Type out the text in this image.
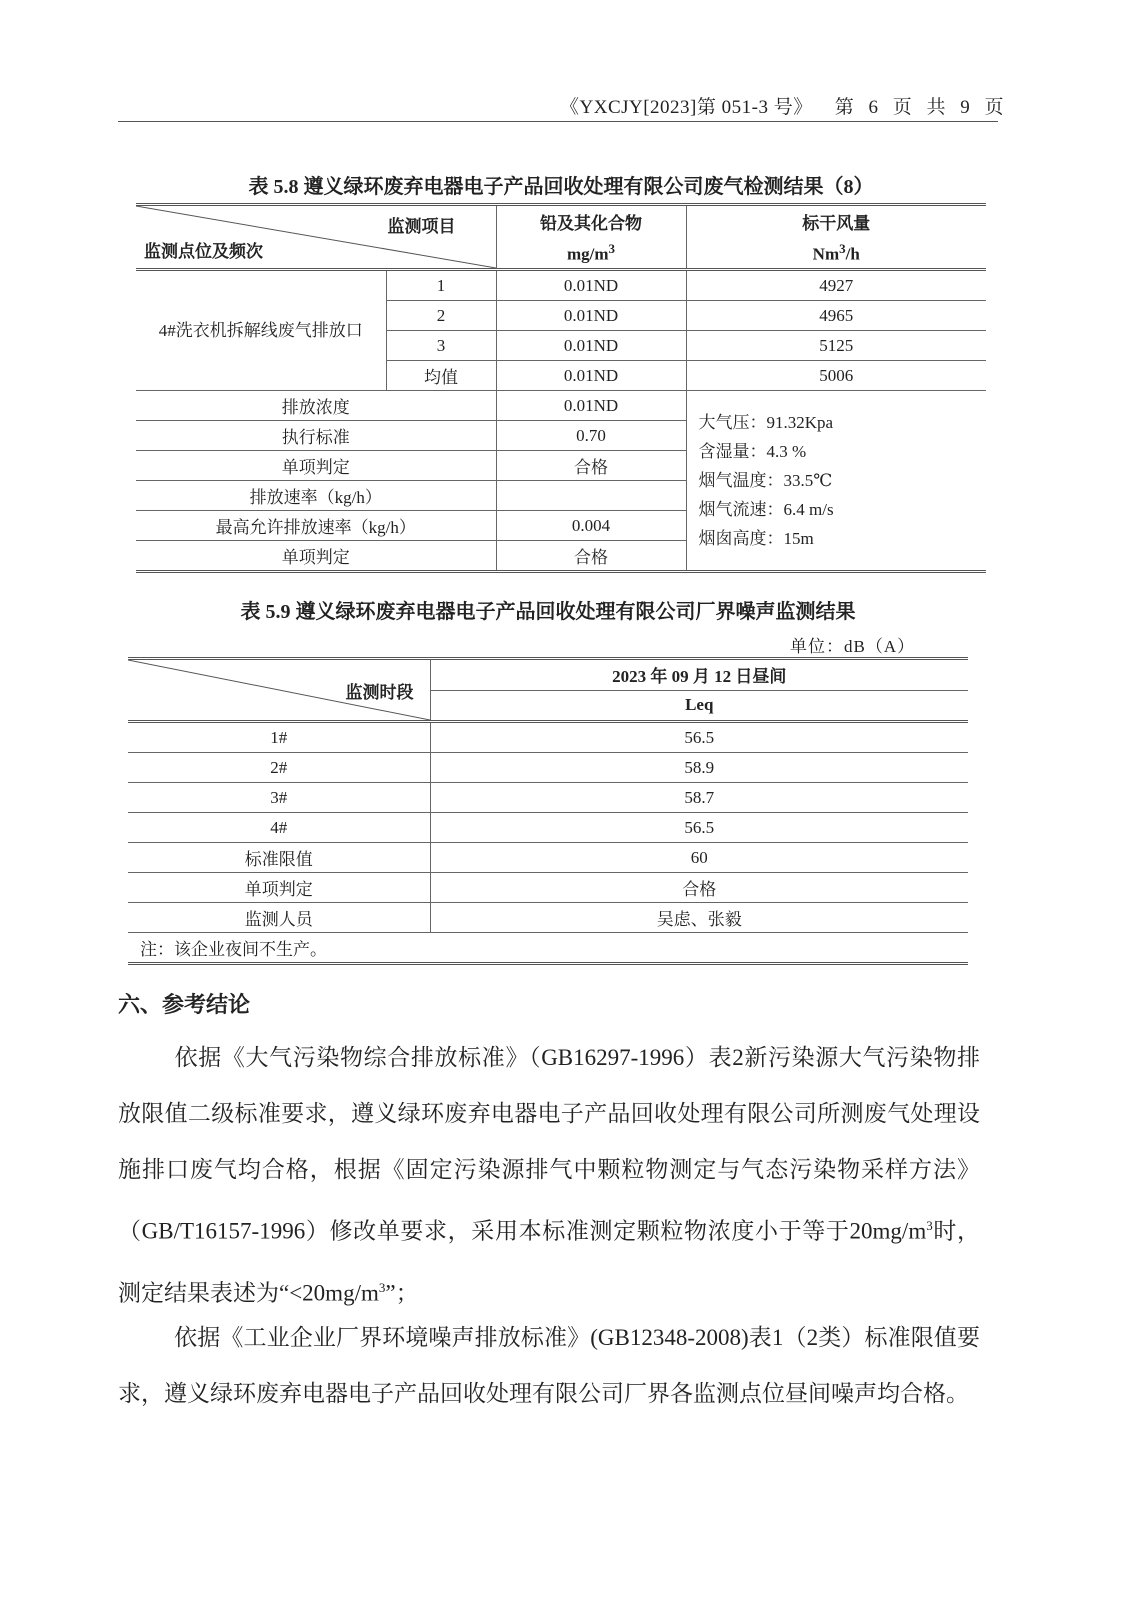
《YXCJY[2023]第 051-3 号》 第 6 页 共 9 页
表 5.8 遵义绿环废弃电器电子产品回收处理有限公司废气检测结果（8）
监测项目
监测点位及频次		铅及其化合物	标干风量
		$mg/m^3$	Nm$^3$/h
4#洗衣机拆解线废气排放口	1	0.01ND	4927
	2	0.01ND	4965
	3	0.01ND	5125
	均值	0.01ND	5006
排放浓度		0.01ND	大气压：91.32Kpa
含湿量：4.3 %
烟气温度：33.5℃
烟气流速：6.4 m/s
烟囱高度：15m

执行标准		0.70	
单项判定		合格	
排放速率（kg/h）			
最高允许排放速率（kg/h）		0.004	
单项判定		合格	
表 5.9 遵义绿环废弃电器电子产品回收处理有限公司厂界噪声监测结果
单位：dB（A）
监测时段	2023 年 09 月 12 日昼间
	Leq
1#	56.5
2#	58.9
3#	58.7
4#	56.5
标准限值	60
单项判定	合格
监测人员	吴虑、张毅
注：该企业夜间不生产。	
六、参考结论
依据《大气污染物综合排放标准》（GB16297-1996）表2新污染源大气污染物排放限值二级标准要求，遵义绿环废弃电器电子产品回收处理有限公司所测废气处理设施排口废气均合格，根据《固定污染源排气中颗粒物测定与气态污染物采样方法》（GB/T16157-1996）修改单要求，采用本标准测定颗粒物浓度小于等于$20mg/m^3$时，测定结果表述为“$<20mg/m^3$”；
依据《工业企业厂界环境噪声排放标准》(GB12348-2008)表1（2类）标准限值要求，遵义绿环废弃电器电子产品回收处理有限公司厂界各监测点位昼间噪声均合格。
